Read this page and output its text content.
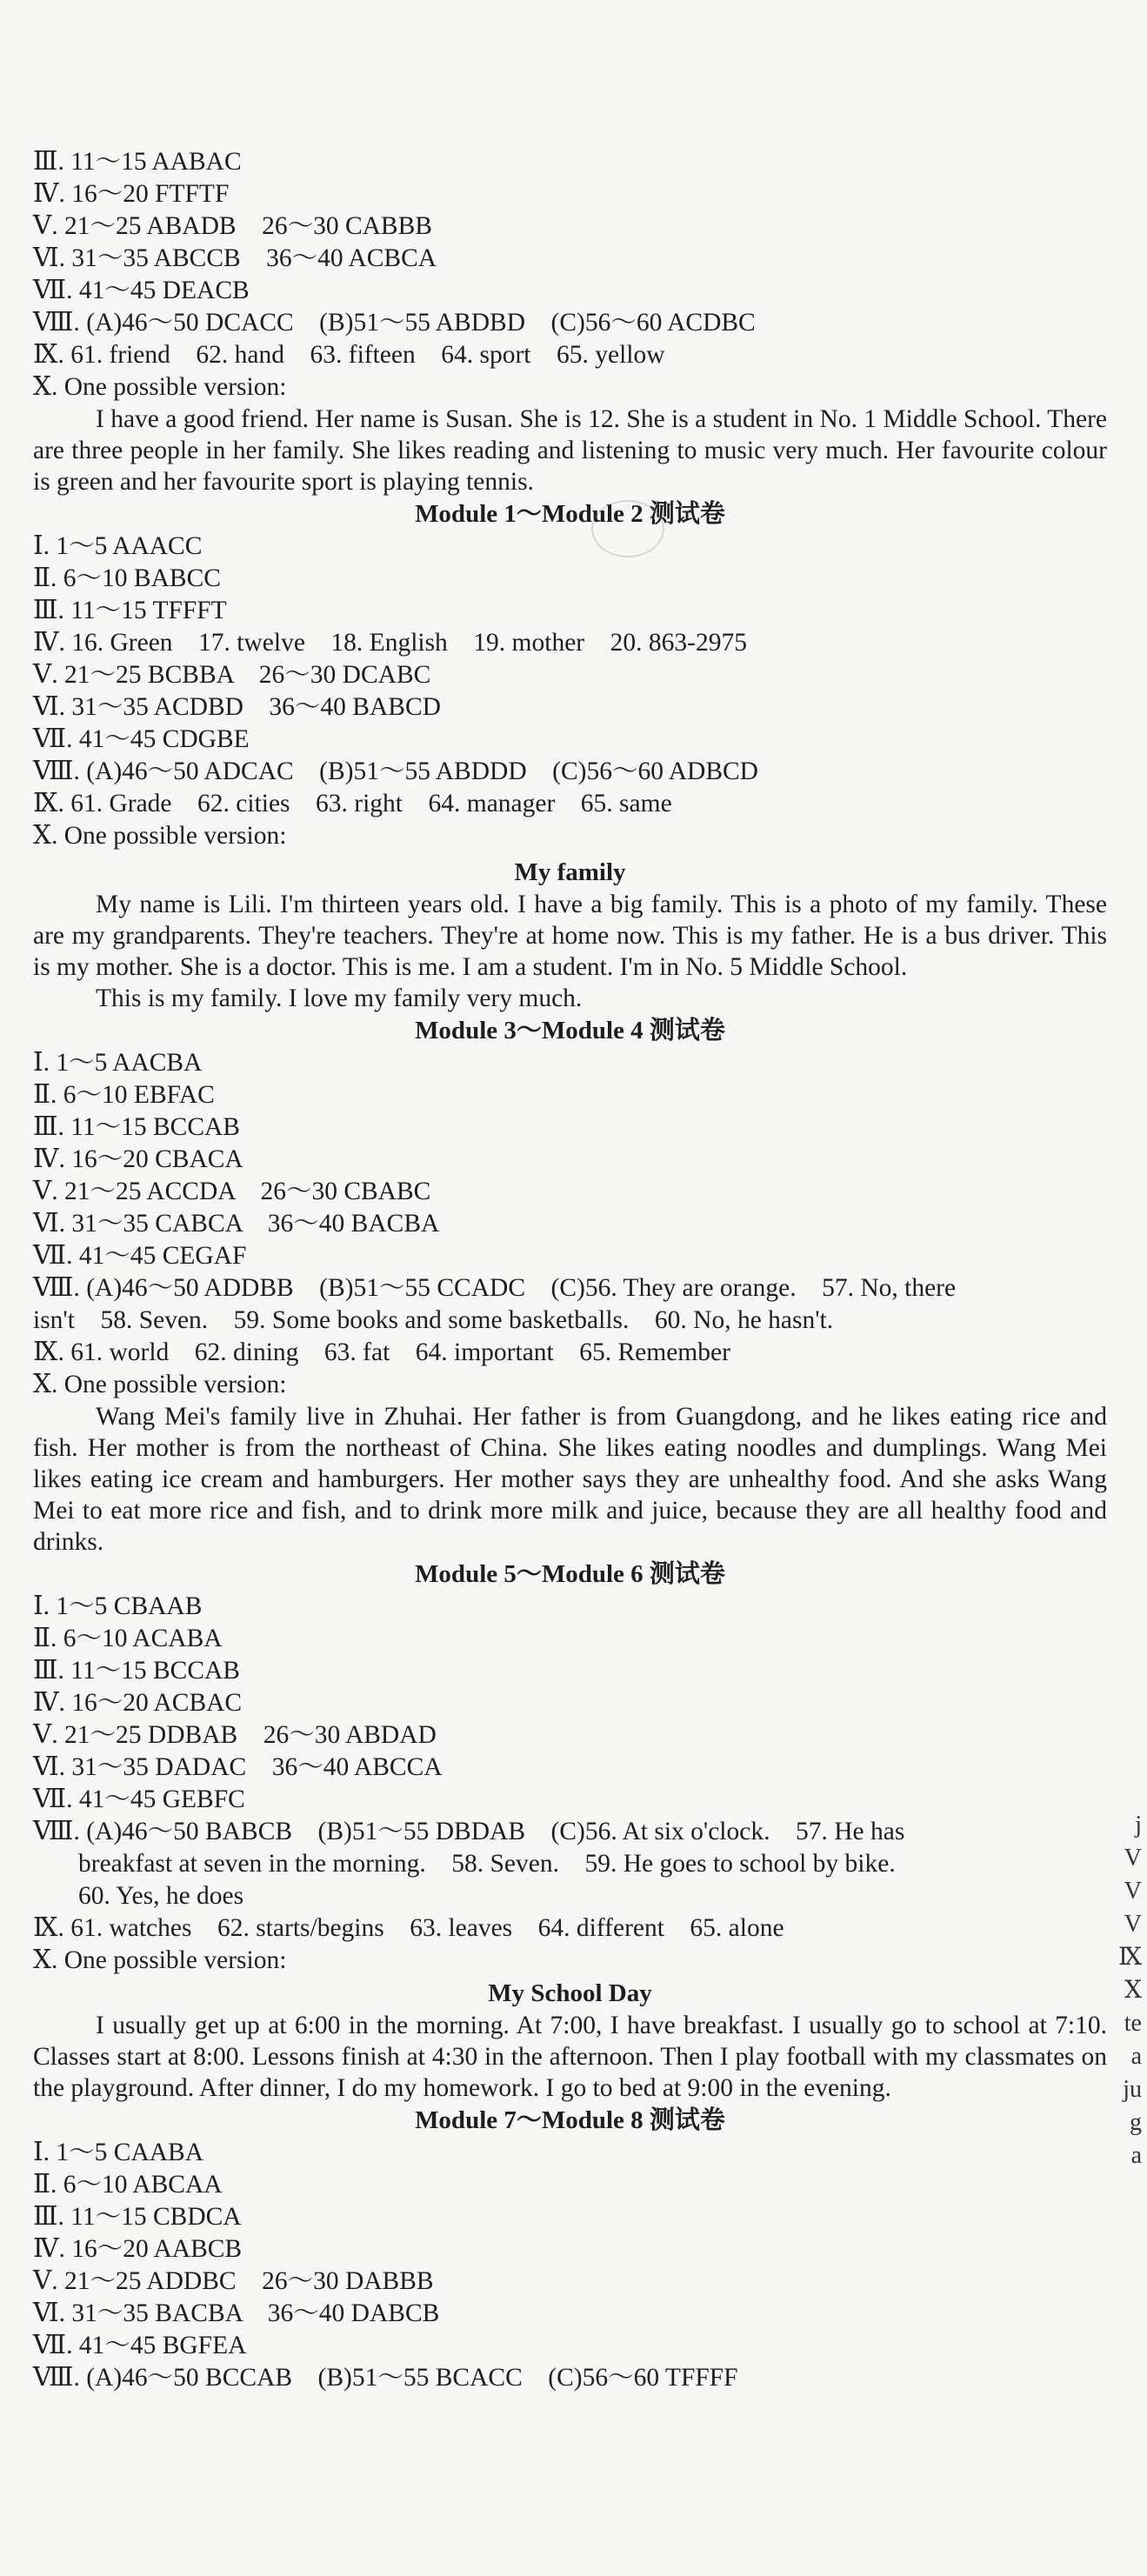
Ⅲ. 11～15 AABAC
Ⅳ. 16～20 FTFTF
Ⅴ. 21～25 ABADB    26～30 CABBB
Ⅵ. 31～35 ABCCB    36～40 ACBCA
Ⅶ. 41～45 DEACB
Ⅷ. (A)46～50 DCACC    (B)51～55 ABDBD    (C)56～60 ACDBC
Ⅸ. 61. friend    62. hand    63. fifteen    64. sport    65. yellow
Ⅹ. One possible version:
I have a good friend. Her name is Susan. She is 12. She is a student in No. 1 Middle School. There are three people in her family. She likes reading and listening to music very much. Her favourite colour is green and her favourite sport is playing tennis.
Module 1～Module 2 测试卷
Ⅰ. 1～5 AAACC
Ⅱ. 6～10 BABCC
Ⅲ. 11～15 TFFFT
Ⅳ. 16. Green    17. twelve    18. English    19. mother    20. 863-2975
Ⅴ. 21～25 BCBBA    26～30 DCABC
Ⅵ. 31～35 ACDBD    36～40 BABCD
Ⅶ. 41～45 CDGBE
Ⅷ. (A)46～50 ADCAC    (B)51～55 ABDDD    (C)56～60 ADBCD
Ⅸ. 61. Grade    62. cities    63. right    64. manager    65. same
Ⅹ. One possible version:
My family
My name is Lili. I'm thirteen years old. I have a big family. This is a photo of my family. These are my grandparents. They're teachers. They're at home now. This is my father. He is a bus driver. This is my mother. She is a doctor. This is me. I am a student. I'm in No. 5 Middle School.
This is my family. I love my family very much.
Module 3～Module 4 测试卷
Ⅰ. 1～5 AACBA
Ⅱ. 6～10 EBFAC
Ⅲ. 11～15 BCCAB
Ⅳ. 16～20 CBACA
Ⅴ. 21～25 ACCDA    26～30 CBABC
Ⅵ. 31～35 CABCA    36～40 BACBA
Ⅶ. 41～45 CEGAF
Ⅷ. (A)46～50 ADDBB    (B)51～55 CCADC    (C)56. They are orange.    57. No, there
isn't    58. Seven.    59. Some books and some basketballs.    60. No, he hasn't.
Ⅸ. 61. world    62. dining    63. fat    64. important    65. Remember
Ⅹ. One possible version:
Wang Mei's family live in Zhuhai. Her father is from Guangdong, and he likes eating rice and fish. Her mother is from the northeast of China. She likes eating noodles and dumplings. Wang Mei likes eating ice cream and hamburgers. Her mother says they are unhealthy food. And she asks Wang Mei to eat more rice and fish, and to drink more milk and juice, because they are all healthy food and drinks.
Module 5～Module 6 测试卷
Ⅰ. 1～5 CBAAB
Ⅱ. 6～10 ACABA
Ⅲ. 11～15 BCCAB
Ⅳ. 16～20 ACBAC
Ⅴ. 21～25 DDBAB    26～30 ABDAD
Ⅵ. 31～35 DADAC    36～40 ABCCA
Ⅶ. 41～45 GEBFC
Ⅷ. (A)46～50 BABCB    (B)51～55 DBDAB    (C)56. At six o'clock.    57. He has
breakfast at seven in the morning.    58. Seven.    59. He goes to school by bike.
60. Yes, he does
Ⅸ. 61. watches    62. starts/begins    63. leaves    64. different    65. alone
Ⅹ. One possible version:
My School Day
I usually get up at 6:00 in the morning. At 7:00, I have breakfast. I usually go to school at 7:10. Classes start at 8:00. Lessons finish at 4:30 in the afternoon. Then I play football with my classmates on the playground. After dinner, I do my homework. I go to bed at 9:00 in the evening.
Module 7～Module 8 测试卷
Ⅰ. 1～5 CAABA
Ⅱ. 6～10 ABCAA
Ⅲ. 11～15 CBDCA
Ⅳ. 16～20 AABCB
Ⅴ. 21～25 ADDBC    26～30 DABBB
Ⅵ. 31～35 BACBA    36～40 DABCB
Ⅶ. 41～45 BGFEA
Ⅷ. (A)46～50 BCCAB    (B)51～55 BCACC    (C)56～60 TFFFF
j
V
V
V
Ⅸ
Ⅹ
te
a
ju
g
a
